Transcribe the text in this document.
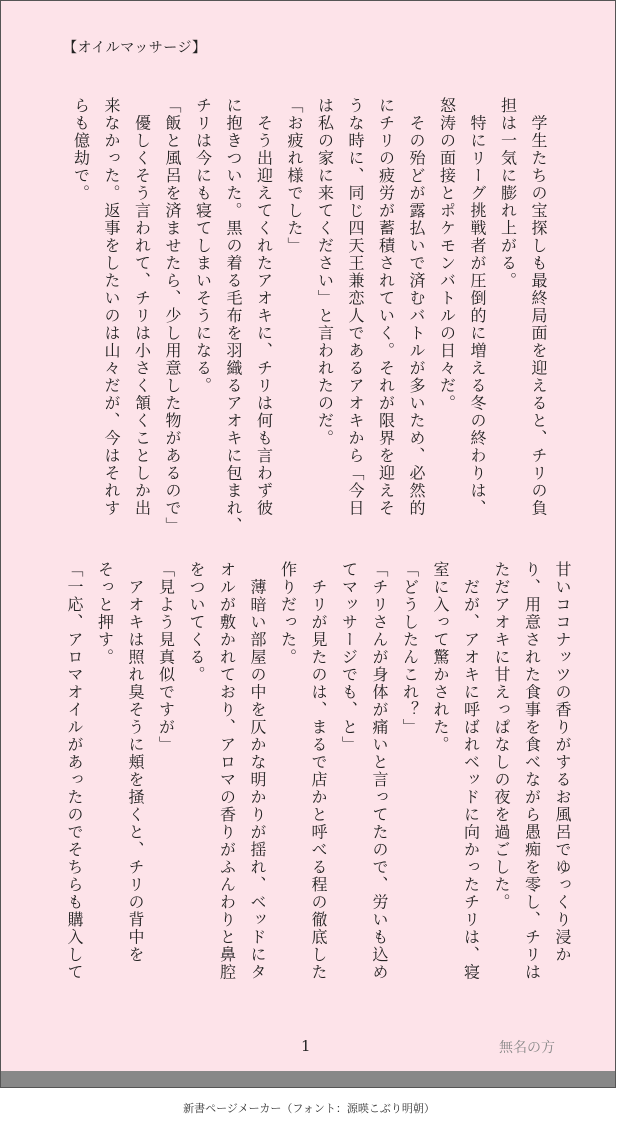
【オイルマッサージ】

　学生たちの宝探しも最終局面を迎えると、チリの負

担は一気に膨れ上がる。

　特にリーグ挑戦者が圧倒的に増える冬の終わりは、

怒涛の面接とポケモンバトルの日々だ。

　その殆どが露払いで済むバトルが多いため、必然的

にチリの疲労が蓄積されていく。それが限界を迎えそ

うな時に、同じ四天王兼恋人であるアオキから「今日

は私の家に来てください」と言われたのだ。

「お疲れ様でした」

　そう出迎えてくれたアオキに、チリは何も言わず彼

に抱きついた。黒の着る毛布を羽織るアオキに包まれ、

チリは今にも寝てしまいそうになる。

「飯と風呂を済ませたら、少し用意した物があるので」

　優しくそう言われて、チリは小さく頷くことしか出

来なかった。返事をしたいのは山々だが、今はそれす

らも億劫で。

甘いココナッツの香りがするお風呂でゆっくり浸か

り、用意された食事を食べながら愚痴を零し、チリは

ただアオキに甘えっぱなしの夜を過ごした。

　だが、アオキに呼ばれベッドに向かったチリは、寝

室に入って驚かされた。

「どうしたんこれ？」

「チリさんが身体が痛いと言ってたので、労いも込め

てマッサージでも、と」

　チリが見たのは、まるで店かと呼べる程の徹底した

作りだった。

　薄暗い部屋の中を仄かな明かりが揺れ、ベッドにタ

オルが敷かれており、アロマの香りがふんわりと鼻腔

をついてくる。

「見よう見真似ですが」

　アオキは照れ臭そうに頬を掻くと、チリの背中を

そっと押す。

「一応、アロマオイルがあったのでそちらも購入して

1	無名の方
新書ページメーカー（フォント：源暎こぶり明朝）
